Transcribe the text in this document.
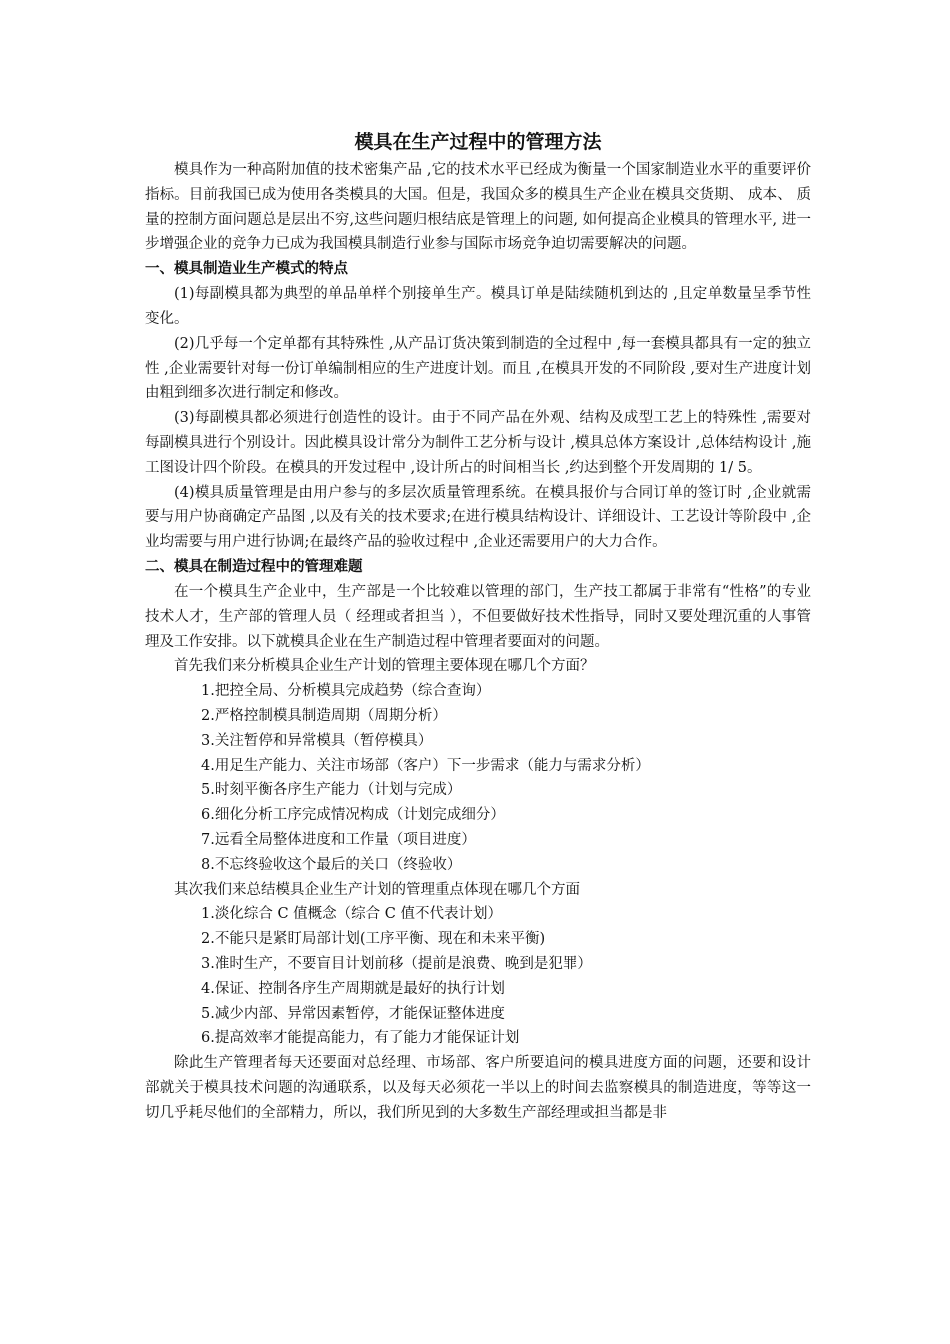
模具在生产过程中的管理方法

模具作为一种高附加值的技术密集产品 ,它的技术水平已经成为衡量一个国家制造业水平的重要评价指标。目前我国已成为使用各类模具的大国。但是，我国众多的模具生产企业在模具交货期、 成本、 质量的控制方面问题总是层出不穷,这些问题归根结底是管理上的问题, 如何提高企业模具的管理水平, 进一步增强企业的竞争力已成为我国模具制造行业参与国际市场竞争迫切需要解决的问题。

一、模具制造业生产模式的特点

(1)每副模具都为典型的单品单样个别接单生产。模具订单是陆续随机到达的 ,且定单数量呈季节性变化。

(2)几乎每一个定单都有其特殊性 ,从产品订货决策到制造的全过程中 ,每一套模具都具有一定的独立性 ,企业需要针对每一份订单编制相应的生产进度计划。而且 ,在模具开发的不同阶段 ,要对生产进度计划由粗到细多次进行制定和修改。

(3)每副模具都必须进行创造性的设计。由于不同产品在外观、结构及成型工艺上的特殊性 ,需要对每副模具进行个别设计。因此模具设计常分为制件工艺分析与设计 ,模具总体方案设计 ,总体结构设计 ,施工图设计四个阶段。在模具的开发过程中 ,设计所占的时间相当长 ,约达到整个开发周期的 1/ 5。

(4)模具质量管理是由用户参与的多层次质量管理系统。在模具报价与合同订单的签订时 ,企业就需要与用户协商确定产品图 ,以及有关的技术要求;在进行模具结构设计、详细设计、工艺设计等阶段中 ,企业均需要与用户进行协调;在最终产品的验收过程中 ,企业还需要用户的大力合作。

二、模具在制造过程中的管理难题

在一个模具生产企业中，生产部是一个比较难以管理的部门，生产技工都属于非常有“性格”的专业技术人才，生产部的管理人员（ 经理或者担当 ），不但要做好技术性指导，同时又要处理沉重的人事管理及工作安排。以下就模具企业在生产制造过程中管理者要面对的问题。

首先我们来分析模具企业生产计划的管理主要体现在哪几个方面？

1.把控全局、分析模具完成趋势（综合查询）
2.严格控制模具制造周期（周期分析）
3.关注暂停和异常模具（暂停模具）
4.用足生产能力、关注市场部（客户）下一步需求（能力与需求分析）
5.时刻平衡各序生产能力（计划与完成）
6.细化分析工序完成情况构成（计划完成细分）
7.远看全局整体进度和工作量（项目进度）
8.不忘终验收这个最后的关口（终验收）
其次我们来总结模具企业生产计划的管理重点体现在哪几个方面
1.淡化综合 C 值概念（综合 C 值不代表计划）
2.不能只是紧盯局部计划(工序平衡、现在和未来平衡)
3.准时生产，不要盲目计划前移（提前是浪费、晚到是犯罪）
4.保证、控制各序生产周期就是最好的执行计划
5.减少内部、异常因素暂停，才能保证整体进度
6.提高效率才能提高能力，有了能力才能保证计划

除此生产管理者每天还要面对总经理、市场部、客户所要追问的模具进度方面的问题，还要和设计部就关于模具技术问题的沟通联系，以及每天必须花一半以上的时间去监察模具的制造进度，等等这一切几乎耗尽他们的全部精力，所以，我们所见到的大多数生产部经理或担当都是非
